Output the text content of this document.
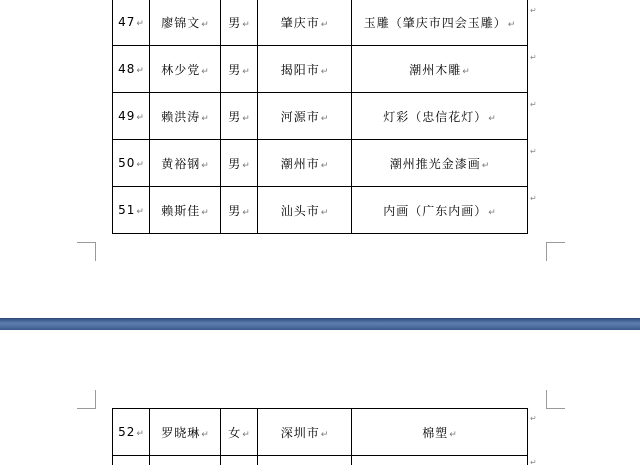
47↵	廖锦文↵	男↵	肇庆市↵	玉雕（肇庆市四会玉雕）↵
48↵	林少党↵	男↵	揭阳市↵	潮州木雕↵
49↵	赖洪涛↵	男↵	河源市↵	灯彩（忠信花灯）↵
50↵	黄裕钢↵	男↵	潮州市↵	潮州推光金漆画↵
51↵	赖斯佳↵	男↵	汕头市↵	内画（广东内画）↵
↵
↵
↵
↵
↵
52↵	罗晓琳↵	女↵	深圳市↵	棉塑↵

↵
↵
